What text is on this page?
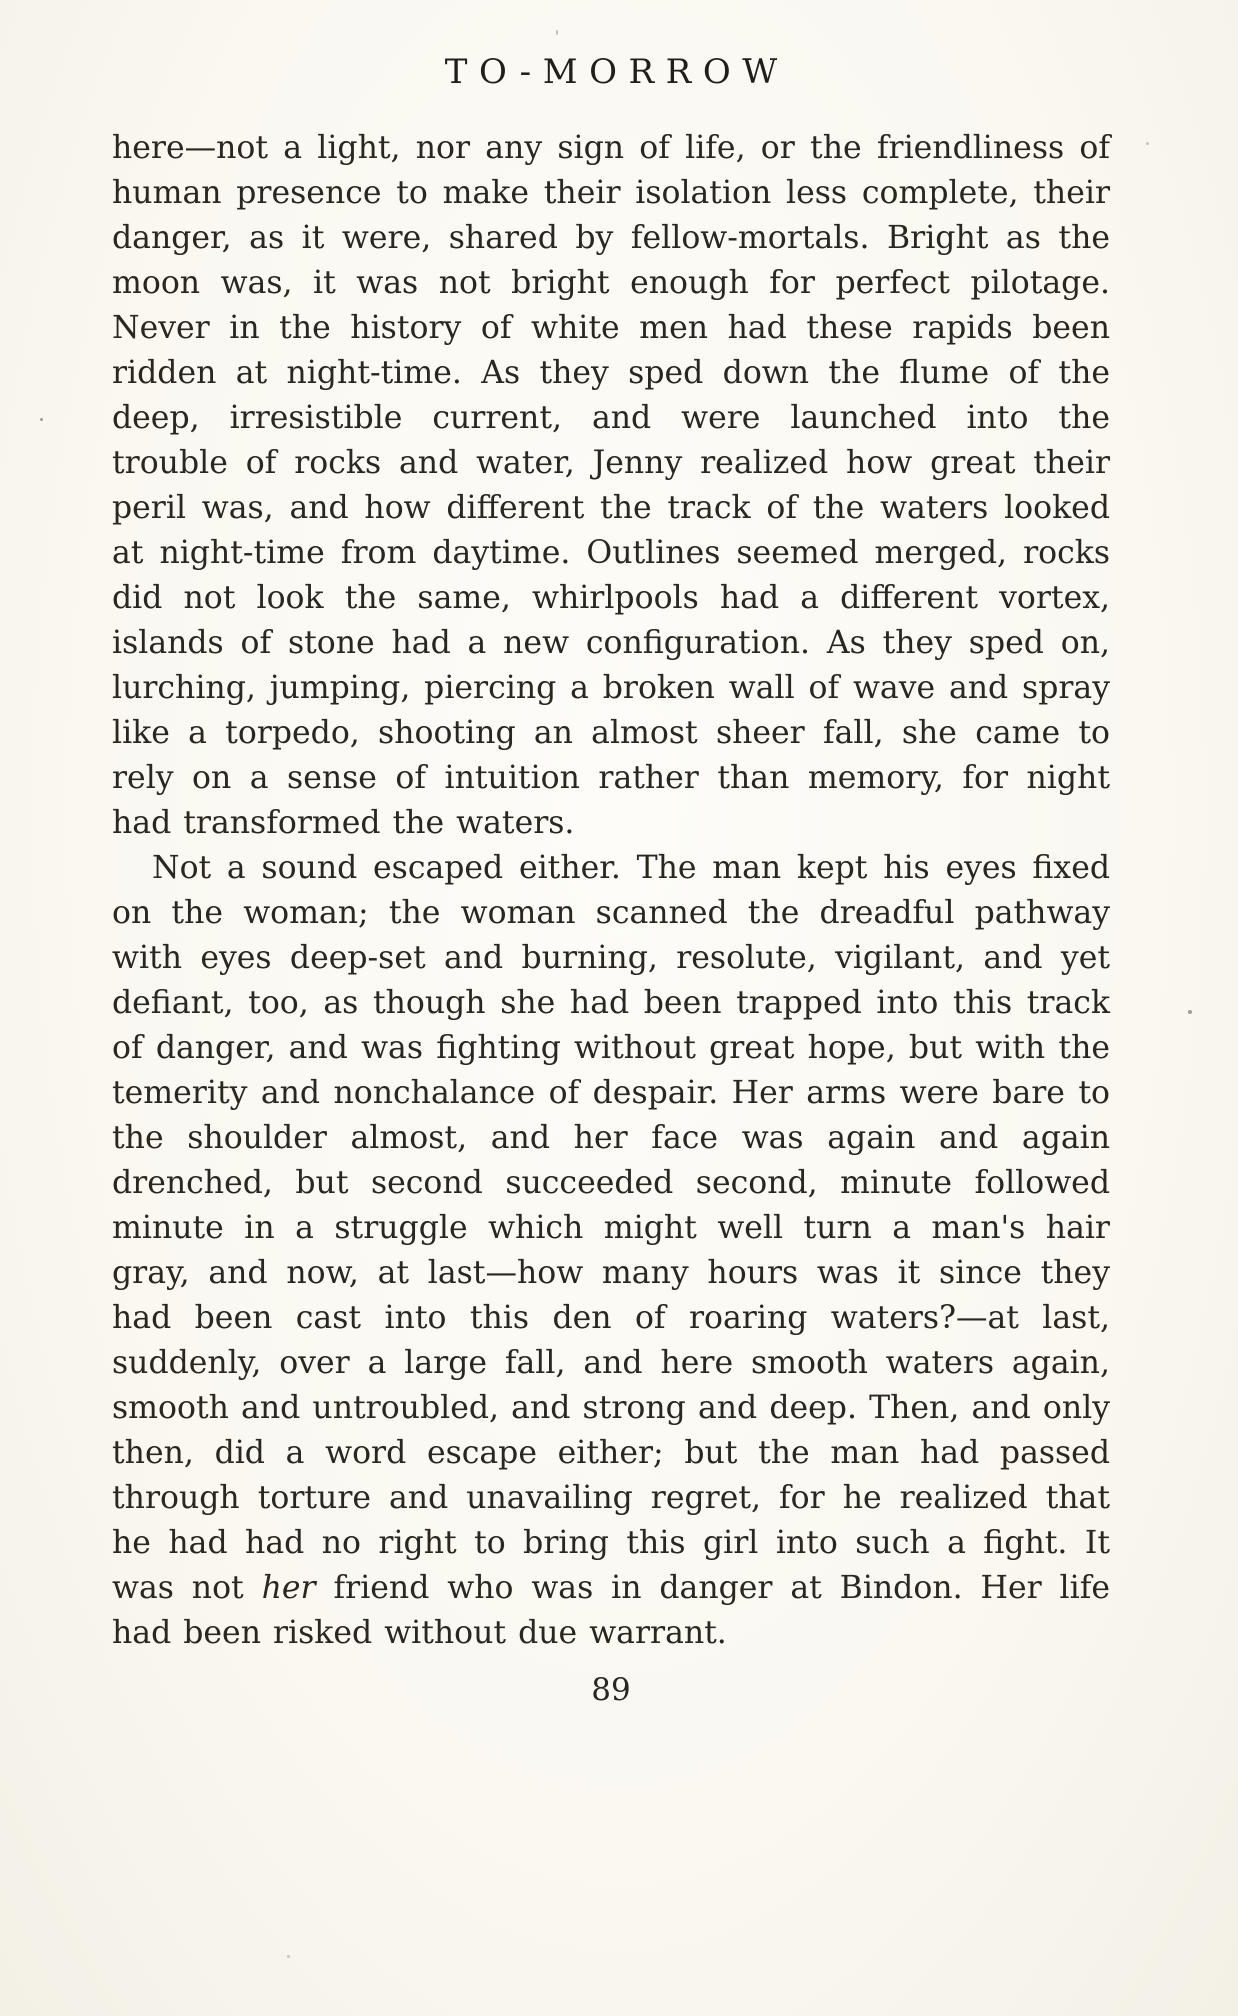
TO-MORROW

here—not a light, nor any sign of life, or the friendliness of human presence to make their isolation less complete, their danger, as it were, shared by fellow-mortals. Bright as the moon was, it was not bright enough for perfect pilotage. Never in the history of white men had these rapids been ridden at night-time. As they sped down the flume of the deep, irresistible current, and were launched into the trouble of rocks and water, Jenny realized how great their peril was, and how different the track of the waters looked at night-time from daytime. Outlines seemed merged, rocks did not look the same, whirlpools had a different vortex, islands of stone had a new configuration. As they sped on, lurching, jumping, piercing a broken wall of wave and spray like a torpedo, shooting an almost sheer fall, she came to rely on a sense of intuition rather than memory, for night had transformed the waters.

Not a sound escaped either. The man kept his eyes fixed on the woman; the woman scanned the dreadful pathway with eyes deep-set and burning, resolute, vigilant, and yet defiant, too, as though she had been trapped into this track of danger, and was fighting without great hope, but with the temerity and nonchalance of despair. Her arms were bare to the shoulder almost, and her face was again and again drenched, but second succeeded second, minute followed minute in a struggle which might well turn a man's hair gray, and now, at last—how many hours was it since they had been cast into this den of roaring waters?—at last, suddenly, over a large fall, and here smooth waters again, smooth and untroubled, and strong and deep. Then, and only then, did a word escape either; but the man had passed through torture and unavailing regret, for he realized that he had had no right to bring this girl into such a fight. It was not her friend who was in danger at Bindon. Her life had been risked without due warrant.

89
